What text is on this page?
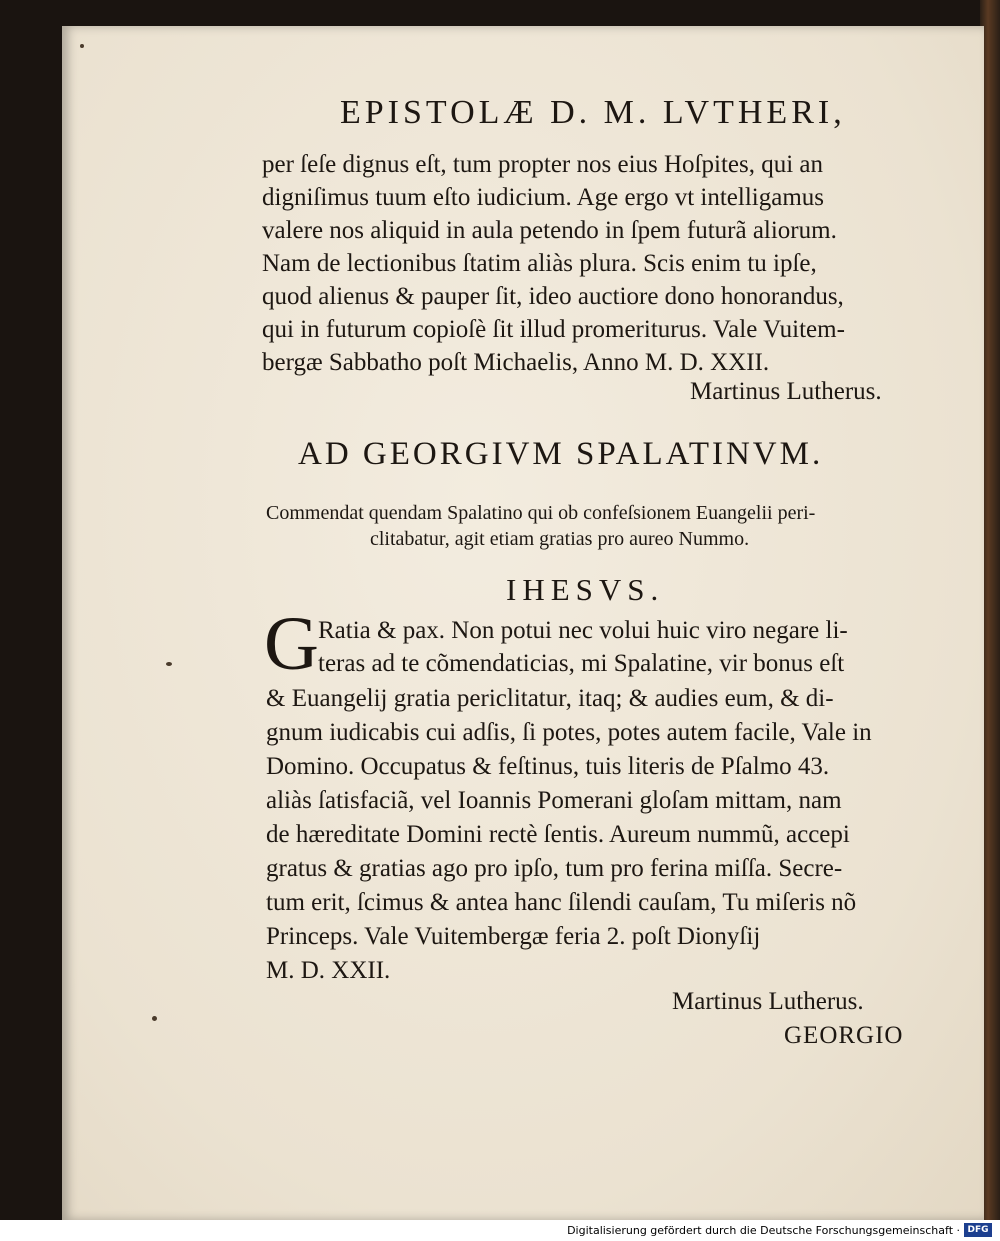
EPISTOLÆ D. M. LVTHERI,

per ſeſe dignus eſt, tum propter nos eius Hoſpites, qui an

digniſimus tuum eſto iudicium. Age ergo vt intelligamus

valere nos aliquid in aula petendo in ſpem futurã aliorum.

Nam de lectionibus ſtatim aliàs plura. Scis enim tu ipſe,

quod alienus & pauper ſit, ideo auctiore dono honorandus,

qui in futurum copioſè ſit illud promeriturus. Vale Vuitem-

bergæ Sabbatho poſt Michaelis, Anno M. D. XXII.

Martinus Lutherus.

AD GEORGIVM SPALATINVM.

Commendat quendam Spalatino qui ob confeſsionem Euangelii peri-

clitabatur, agit etiam gratias pro aureo Nummo.

IHESVS.

G Ratia & pax. Non potui nec volui huic viro negare li-

teras ad te cõmendaticias, mi Spalatine, vir bonus eſt

& Euangelij gratia periclitatur, itaq; & audies eum, & di-

gnum iudicabis cui adſis, ſi potes, potes autem facile, Vale in

Domino. Occupatus & feſtinus, tuis literis de Pſalmo 43.

aliàs ſatisfaciã, vel Ioannis Pomerani gloſam mittam, nam

de hæreditate Domini rectè ſentis. Aureum nummũ, accepi

gratus & gratias ago pro ipſo, tum pro ferina miſſa. Secre-

tum erit, ſcimus & antea hanc ſilendi cauſam, Tu miſeris nõ

Princeps. Vale Vuitembergæ feria 2. poſt Dionyſij

M. D. XXII.

Martinus Lutherus.

GEORGIO

Digitalisierung gefördert durch die Deutsche Forschungsgemeinschaft · DFG
